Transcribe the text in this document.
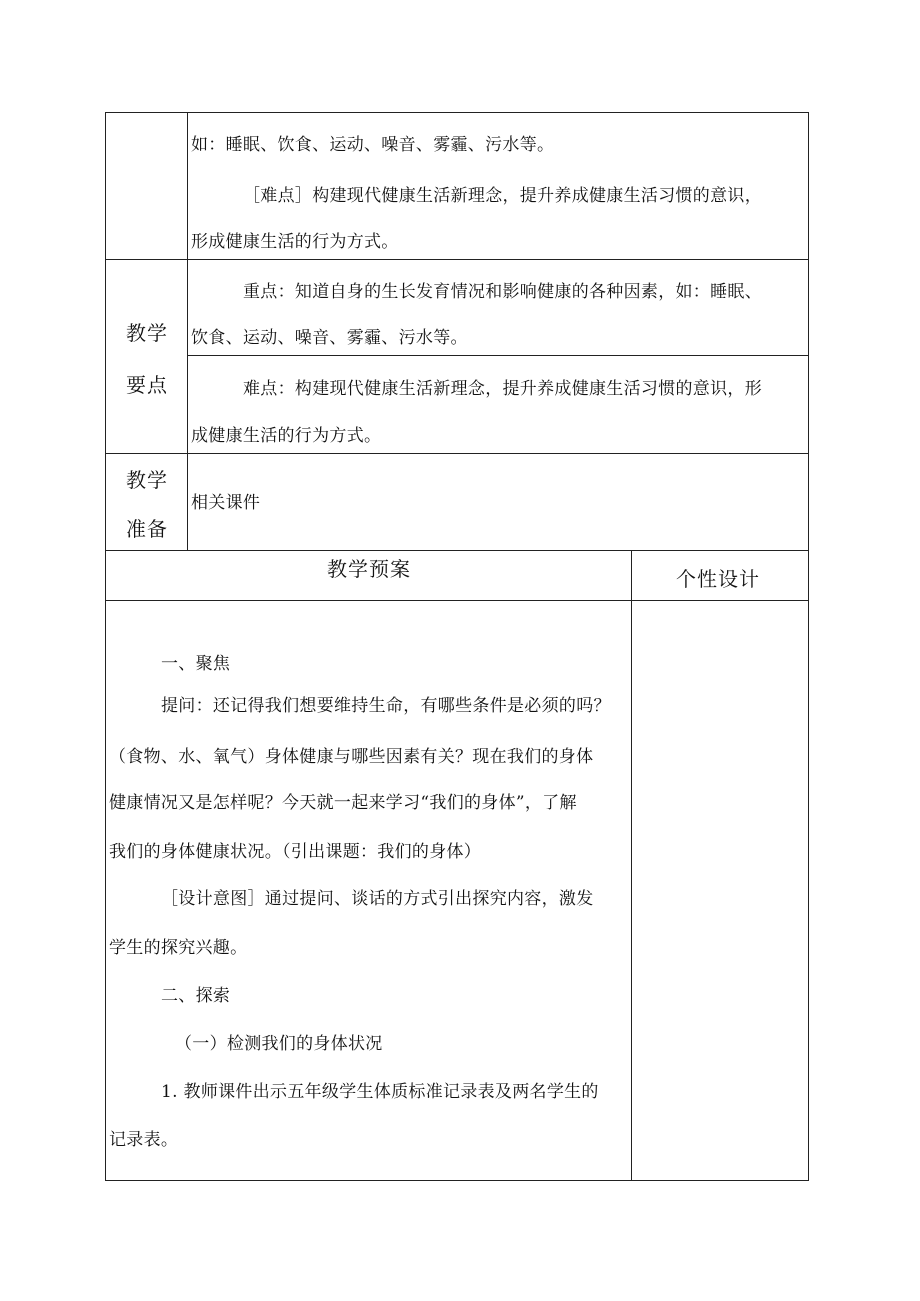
如：睡眠、饮食、运动、噪音、雾霾、污水等。
［难点］构建现代健康生活新理念，提升养成健康生活习惯的意识，
形成健康生活的行为方式。
教学
要点
重点：知道自身的生长发育情况和影响健康的各种因素，如：睡眠、
饮食、运动、噪音、雾霾、污水等。
难点：构建现代健康生活新理念，提升养成健康生活习惯的意识，形
成健康生活的行为方式。
教学
准备
相关课件
教学预案	个性设计
一、聚焦
提问：还记得我们想要维持生命，有哪些条件是必须的吗？
（食物、水、氧气）身体健康与哪些因素有关？现在我们的身体
健康情况又是怎样呢？今天就一起来学习“我们的身体”，了解
我们的身体健康状况。（引出课题：我们的身体）
［设计意图］通过提问、谈话的方式引出探究内容，激发
学生的探究兴趣。
二、探索
（一）检测我们的身体状况
1. 教师课件出示五年级学生体质标准记录表及两名学生的
记录表。
